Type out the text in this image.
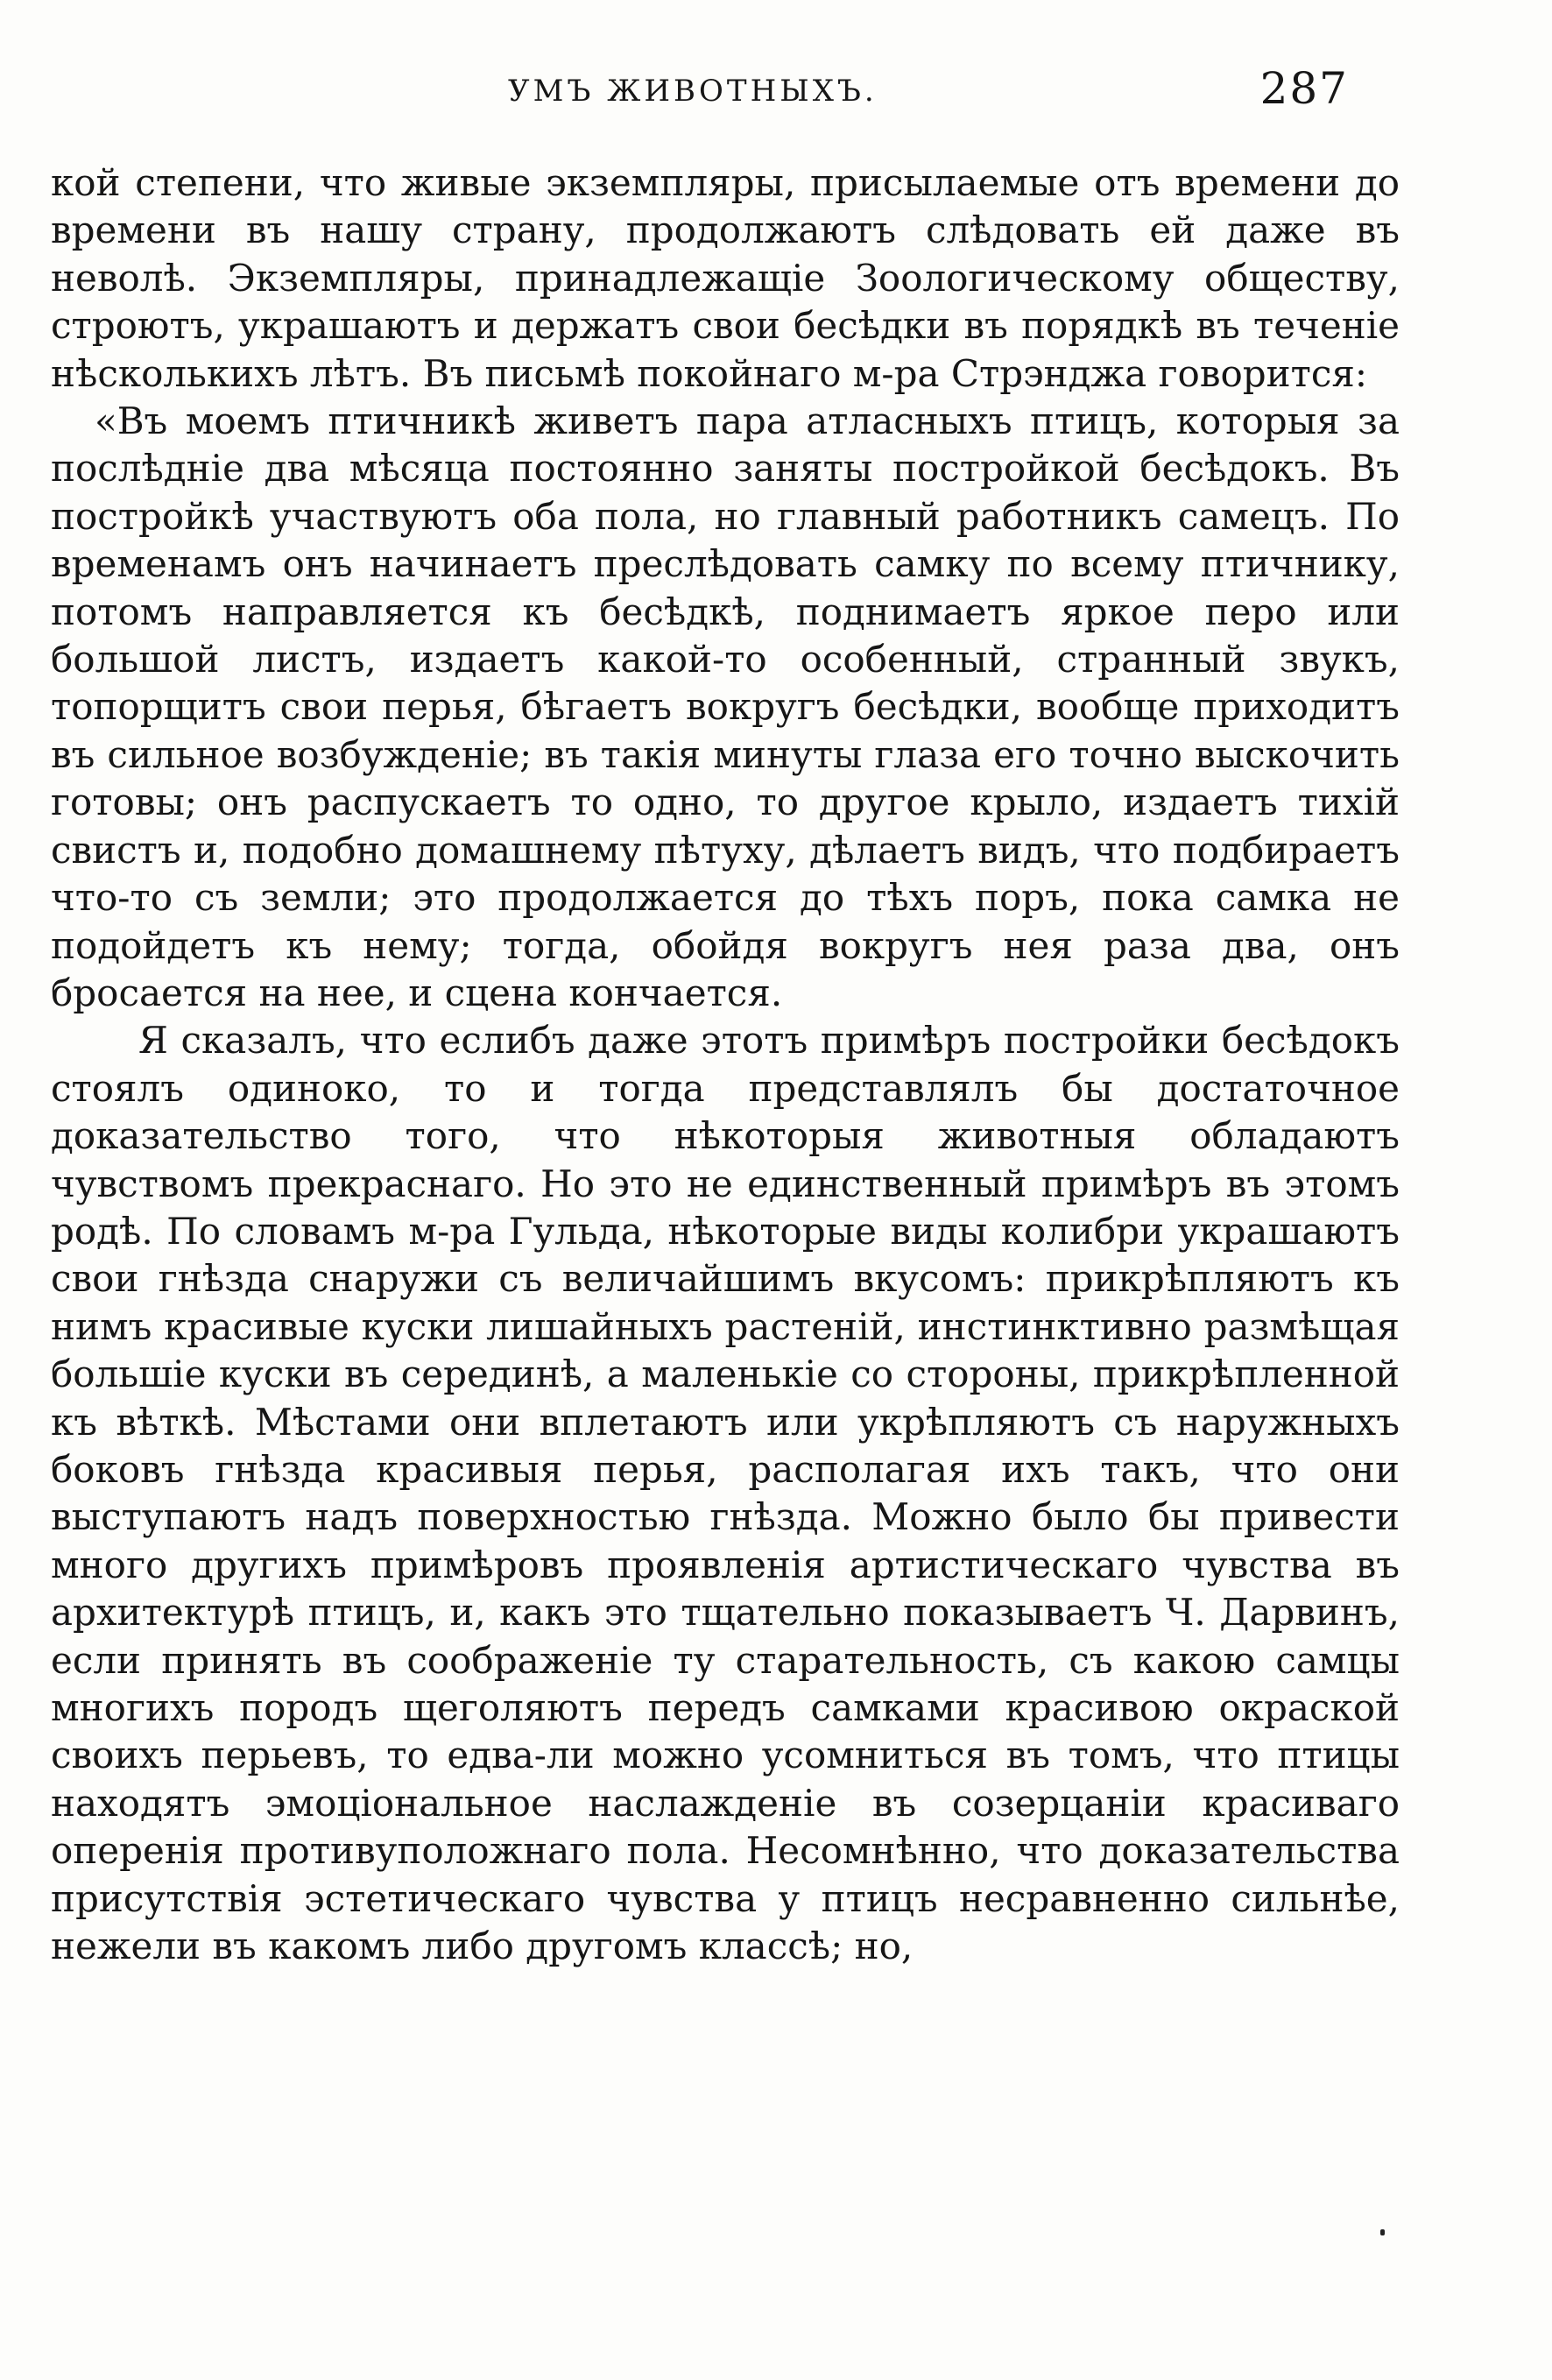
УМЪ ЖИВОТНЫХЪ.	287

кой степени, что живые экземпляры, присылаемые отъ времени до времени въ нашу страну, продолжаютъ слѣдовать ей даже въ неволѣ. Экземпляры, принадлежащіе Зоологическому обществу, строютъ, украшаютъ и держатъ свои бесѣдки въ порядкѣ въ теченіе нѣсколькихъ лѣтъ. Въ письмѣ покойнаго м-ра Стрэнджа говорится:

«Въ моемъ птичникѣ живетъ пара атласныхъ птицъ, которыя за послѣдніе два мѣсяца постоянно заняты постройкой бесѣдокъ. Въ постройкѣ участвуютъ оба пола, но главный работникъ самецъ. По временамъ онъ начинаетъ преслѣдовать самку по всему птичнику, потомъ направляется къ бесѣдкѣ, поднимаетъ яркое перо или большой листъ, издаетъ какой-то особенный, странный звукъ, топорщитъ свои перья, бѣгаетъ вокругъ бесѣдки, вообще приходитъ въ сильное возбужденіе; въ такія минуты глаза его точно выскочить готовы; онъ распускаетъ то одно, то другое крыло, издаетъ тихій свистъ и, подобно домашнему пѣтуху, дѣлаетъ видъ, что подбираетъ что-то съ земли; это продолжается до тѣхъ поръ, пока самка не подойдетъ къ нему; тогда, обойдя вокругъ нея раза два, онъ бросается на нее, и сцена кончается.

Я сказалъ, что еслибъ даже этотъ примѣръ постройки бесѣдокъ стоялъ одиноко, то и тогда представлялъ бы достаточное доказательство того, что нѣкоторыя животныя обладаютъ чувствомъ прекраснаго. Но это не единственный примѣръ въ этомъ родѣ. По словамъ м-ра Гульда, нѣкоторые виды колибри украшаютъ свои гнѣзда снаружи съ величайшимъ вкусомъ: прикрѣпляютъ къ нимъ красивые куски лишайныхъ растеній, инстинктивно размѣщая большіе куски въ серединѣ, а маленькіе со стороны, прикрѣпленной къ вѣткѣ. Мѣстами они вплетаютъ или укрѣпляютъ съ наружныхъ боковъ гнѣзда красивыя перья, располагая ихъ такъ, что они выступаютъ надъ поверхностью гнѣзда. Можно было бы привести много другихъ примѣровъ проявленія артистическаго чувства въ архитектурѣ птицъ, и, какъ это тщательно показываетъ Ч. Дарвинъ, если принять въ соображеніе ту старательность, съ какою самцы многихъ породъ щеголяютъ передъ самками красивою окраской своихъ перьевъ, то едва-ли можно усомниться въ томъ, что птицы находятъ эмоціональное наслажденіе въ созерцаніи красиваго оперенія противуположнаго пола. Несомнѣнно, что доказательства присутствія эстетическаго чувства у птицъ несравненно сильнѣе, нежели въ какомъ либо другомъ классѣ; но,
